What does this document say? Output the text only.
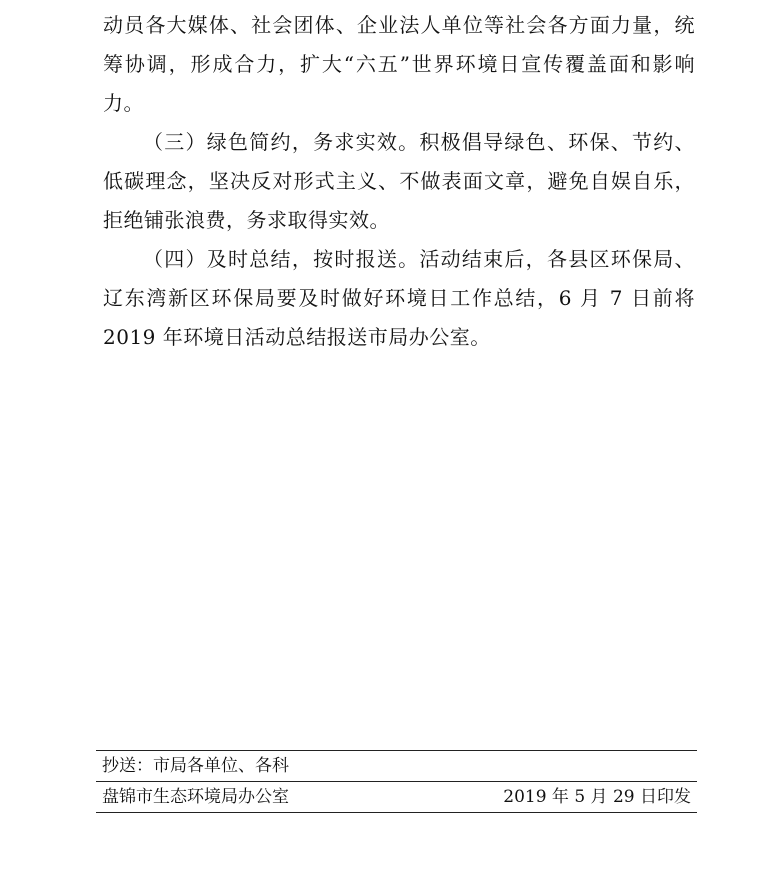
动员各大媒体、社会团体、企业法人单位等社会各方面力量，统筹协调，形成合力，扩大“六五”世界环境日宣传覆盖面和影响力。

（三）绿色简约，务求实效。积极倡导绿色、环保、节约、低碳理念，坚决反对形式主义、不做表面文章，避免自娱自乐，拒绝铺张浪费，务求取得实效。

（四）及时总结，按时报送。活动结束后，各县区环保局、辽东湾新区环保局要及时做好环境日工作总结，6 月 7 日前将 2019 年环境日活动总结报送市局办公室。

抄送：市局各单位、各科
盘锦市生态环境局办公室	2019 年 5 月 29 日印发
